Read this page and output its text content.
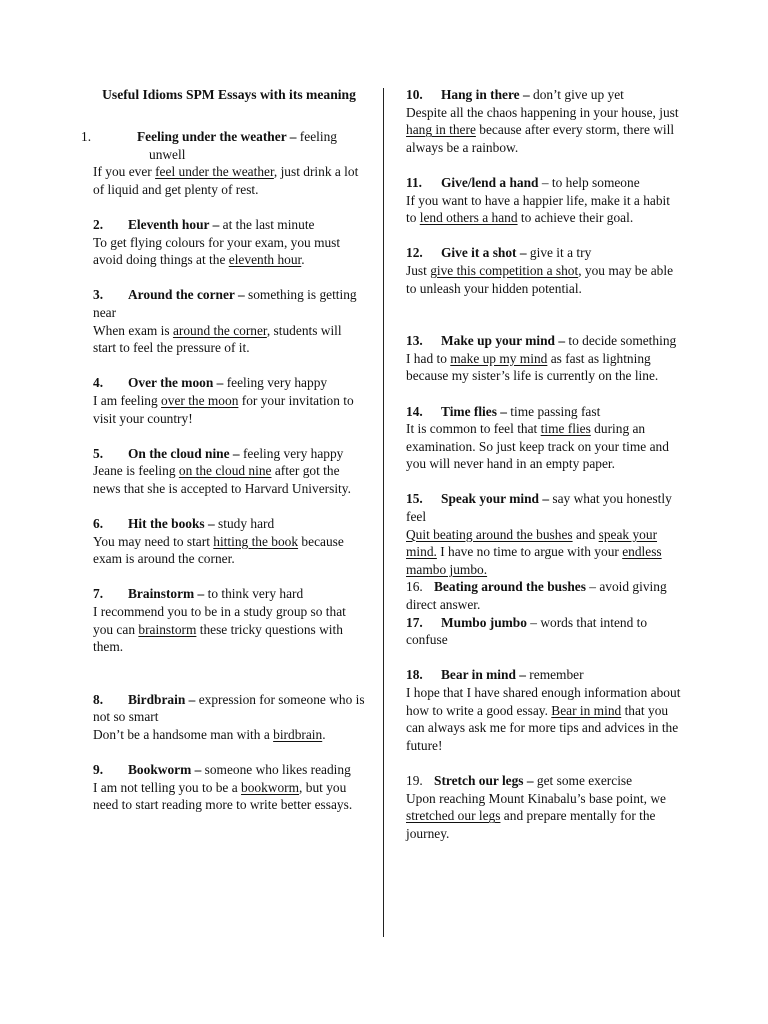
Useful Idioms SPM Essays with its meaning

1.	Feeling under the weather – feeling unwell

If you ever feel under the weather, just drink a lot of liquid and get plenty of rest.

2. Eleventh hour – at the last minute

To get flying colours for your exam, you must avoid doing things at the eleventh hour.

3. Around the corner – something is getting near

When exam is around the corner, students will start to feel the pressure of it.

4. Over the moon – feeling very happy

I am feeling over the moon for your invitation to visit your country!

5. On the cloud nine – feeling very happy

Jeane is feeling on the cloud nine after got the news that she is accepted to Harvard University.

6. Hit the books – study hard

You may need to start hitting the book because exam is around the corner.

7. Brainstorm – to think very hard

I recommend you to be in a study group so that you can brainstorm these tricky questions with them.

8. Birdbrain – expression for someone who is not so smart

Don’t be a handsome man with a birdbrain.

9. Bookworm – someone who likes reading

I am not telling you to be a bookworm, but you need to start reading more to write better essays.

10. Hang in there – don’t give up yet

Despite all the chaos happening in your house, just hang in there because after every storm, there will always be a rainbow.

11. Give/lend a hand – to help someone

If you want to have a happier life, make it a habit to lend others a hand to achieve their goal.

12. Give it a shot – give it a try

Just give this competition a shot, you may be able to unleash your hidden potential.

13. Make up your mind – to decide something

I had to make up my mind as fast as lightning because my sister’s life is currently on the line.

14. Time flies – time passing fast

It is common to feel that time flies during an examination. So just keep track on your time and you will never hand in an empty paper.

15. Speak your mind – say what you honestly feel

Quit beating around the bushes and speak your mind. I have no time to argue with your endless mambo jumbo.

16. Beating around the bushes – avoid giving direct answer.

17. Mumbo jumbo – words that intend to confuse

18. Bear in mind – remember

I hope that I have shared enough information about how to write a good essay. Bear in mind that you can always ask me for more tips and advices in the future!

19. Stretch our legs – get some exercise

Upon reaching Mount Kinabalu’s base point, we stretched our legs and prepare mentally for the journey.
